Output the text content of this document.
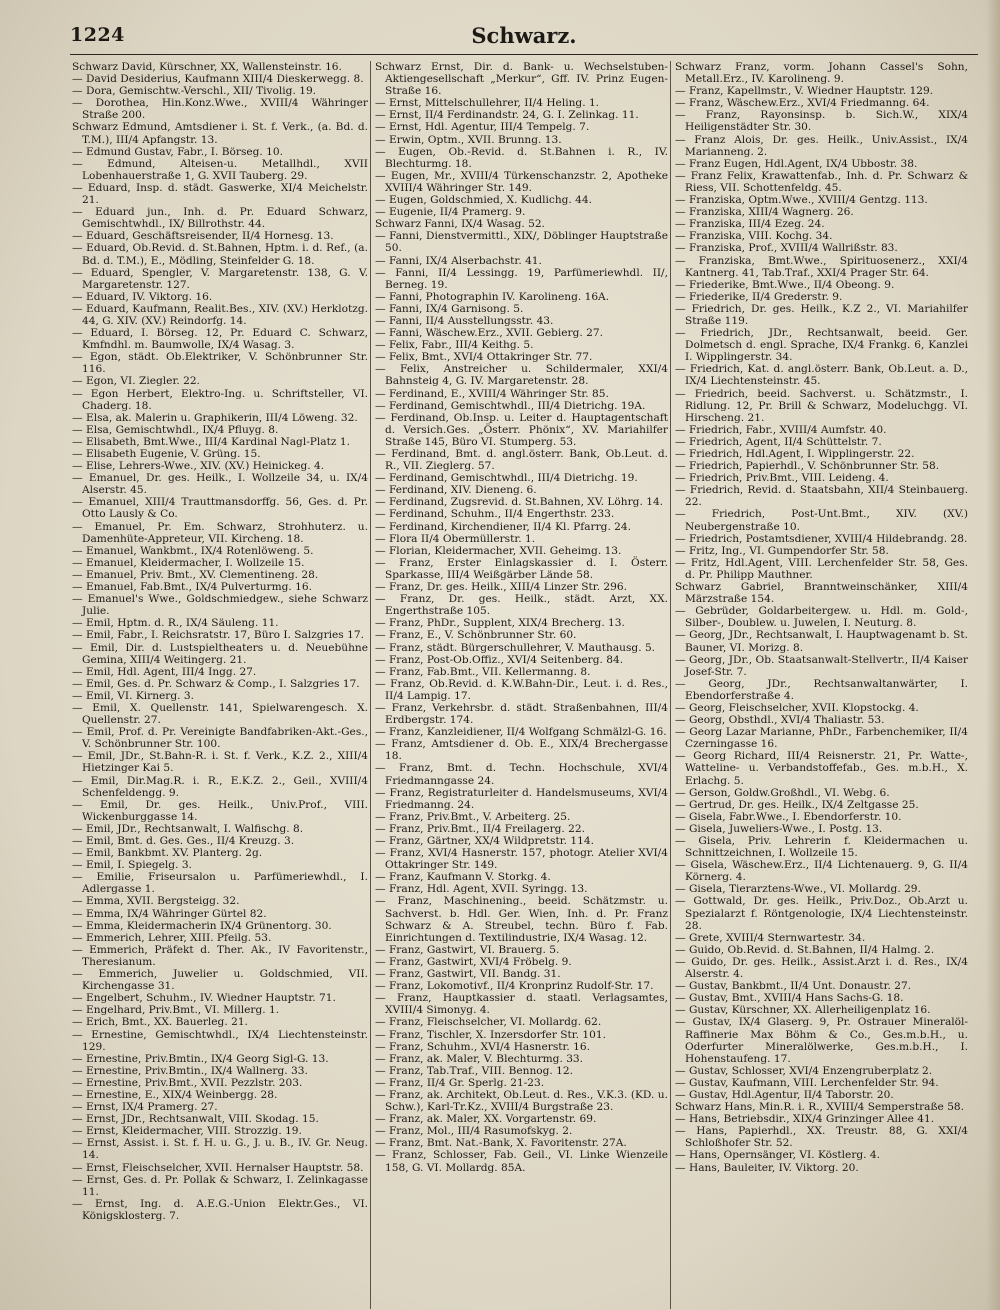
1224	Schwarz.

Schwarz David, Kürschner, XX, Wallensteinstr. 16.

— David Desiderius, Kaufmann XIII/4 Dieskerwegg. 8.

— Dora, Gemischtw.-Verschl., XII/ Tivolig. 19.

— Dorothea, Hin.Konz.Wwe., XVIII/4 Währinger Straße 200.

Schwarz Edmund, Amtsdiener i. St. f. Verk., (a. Bd. d. T.M.), III/4 Apfangstr. 13.

— Edmund Gustav, Fabr., I. Börseg. 10.

— Edmund, Alteisen-u. Metallhdl., XVII Lobenhauerstraße 1, G. XVII Tauberg. 29.

— Eduard, Insp. d. städt. Gaswerke, XI/4 Meichelstr. 21.

— Eduard jun., Inh. d. Pr. Eduard Schwarz, Gemischtwhdl., IX/ Billrothstr. 44.

— Eduard, Geschäftsreisender, II/4 Hornesg. 13.

— Eduard, Ob.Revid. d. St.Bahnen, Hptm. i. d. Ref., (a. Bd. d. T.M.), E., Mödling, Steinfelder G. 18.

— Eduard, Spengler, V. Margaretenstr. 138, G. V. Margaretenstr. 127.

— Eduard, IV. Viktorg. 16.

— Eduard, Kaufmann, Realit.Bes., XIV. (XV.) Herklotzg. 44, G. XIV. (XV.) Reindorfg. 14.

— Eduard, I. Börseg. 12, Pr. Eduard C. Schwarz, Kmfndhl. m. Baumwolle, IX/4 Wasag. 3.

— Egon, städt. Ob.Elektriker, V. Schönbrunner Str. 116.

— Egon, VI. Ziegler. 22.

— Egon Herbert, Elektro-Ing. u. Schriftsteller, VI. Chaderg. 18.

— Elsa, ak. Malerin u. Graphikerin, III/4 Löweng. 32.

— Elsa, Gemischtwhdl., IX/4 Pfluyg. 8.

— Elisabeth, Bmt.Wwe., III/4 Kardinal Nagl-Platz 1.

— Elisabeth Eugenie, V. Grüng. 15.

— Elise, Lehrers-Wwe., XIV. (XV.) Heinickeg. 4.

— Emanuel, Dr. ges. Heilk., I. Wollzeile 34, u. IX/4 Alserstr. 45.

— Emanuel, XIII/4 Trauttmansdorffg. 56, Ges. d. Pr. Otto Lausly & Co.

— Emanuel, Pr. Em. Schwarz, Strohhuterz. u. Damenhüte-Appreteur, VII. Kircheng. 18.

— Emanuel, Wankbmt., IX/4 Rotenlöweng. 5.

— Emanuel, Kleidermacher, I. Wollzeile 15.

— Emanuel, Priv. Bmt., XV. Clementineng. 28.

— Emanuel, Fab.Bmt., IX/4 Pulverturmg. 16.

— Emanuel's Wwe., Goldschmiedgew., siehe Schwarz Julie.

— Emil, Hptm. d. R., IX/4 Säuleng. 11.

— Emil, Fabr., I. Reichsratstr. 17, Büro I. Salzgries 17.

— Emil, Dir. d. Lustspieltheaters u. d. Neuebühne Gemina, XIII/4 Weitingerg. 21.

— Emil, Hdl. Agent, III/4 Ingg. 27.

— Emil, Ges. d. Pr. Schwarz & Comp., I. Salzgries 17.

— Emil, VI. Kirnerg. 3.

— Emil, X. Quellenstr. 141, Spielwarengesch. X. Quellenstr. 27.

— Emil, Prof. d. Pr. Vereinigte Bandfabriken-Akt.-Ges., V. Schönbrunner Str. 100.

— Emil, JDr., St.Bahn-R. i. St. f. Verk., K.Z. 2., XIII/4 Hietzinger Kai 5.

— Emil, Dir.Mag.R. i. R., E.K.Z. 2., Geil., XVIII/4 Schenfeldengg. 9.

— Emil, Dr. ges. Heilk., Univ.Prof., VIII. Wickenburggasse 14.

— Emil, JDr., Rechtsanwalt, I. Walfischg. 8.

— Emil, Bmt. d. Ges. Ges., II/4 Kreuzg. 3.

— Emil, Bankbmt. XV. Planterg. 2g.

— Emil, I. Spiegelg. 3.

— Emilie, Friseursalon u. Parfümeriewhdl., I. Adlergasse 1.

— Emma, XVII. Bergsteigg. 32.

— Emma, IX/4 Währinger Gürtel 82.

— Emma, Kleidermacherin IX/4 Grünentorg. 30.

— Emmerich, Lehrer, XIII. Pfeilg. 53.

— Emmerich, Präfekt d. Ther. Ak., IV Favoritenstr., Theresianum.

— Emmerich, Juwelier u. Goldschmied, VII. Kirchengasse 31.

— Engelbert, Schuhm., IV. Wiedner Hauptstr. 71.

— Engelhard, Priv.Bmt., VI. Millerg. 1.

— Erich, Bmt., XX. Bauerleg. 21.

— Ernestine, Gemischtwhdl., IX/4 Liechtensteinstr. 129.

— Ernestine, Priv.Bmtin., IX/4 Georg Sigl-G. 13.

— Ernestine, Priv.Bmtin., IX/4 Wallnerg. 33.

— Ernestine, Priv.Bmt., XVII. Pezzlstr. 203.

— Ernestine, E., XIX/4 Weinbergg. 28.

— Ernst, IX/4 Pramerg. 27.

— Ernst, JDr., Rechtsanwalt, VIII. Skodag. 15.

— Ernst, Kleidermacher, VIII. Strozzig. 19.

— Ernst, Assist. i. St. f. H. u. G., J. u. B., IV. Gr. Neug. 14.

— Ernst, Fleischselcher, XVII. Hernalser Hauptstr. 58.

— Ernst, Ges. d. Pr. Pollak & Schwarz, I. Zelinkagasse 11.

— Ernst, Ing. d. A.E.G.-Union Elektr.Ges., VI. Königsklosterg. 7.

Schwarz Ernst, Dir. d. Bank- u. Wechselstuben-Aktiengesellschaft „Merkur“, Gff. IV. Prinz Eugen-Straße 16.

— Ernst, Mittelschullehrer, II/4 Heling. 1.

— Ernst, II/4 Ferdinandstr. 24, G. I. Zelinkag. 11.

— Ernst, Hdl. Agentur, III/4 Tempelg. 7.

— Erwin, Optm., XVII. Brunng. 13.

— Eugen, Ob.-Revid. d. St.Bahnen i. R., IV. Blechturmg. 18.

— Eugen, Mr., XVIII/4 Türkenschanzstr. 2, Apotheke XVIII/4 Währinger Str. 149.

— Eugen, Goldschmied, X. Kudlichg. 44.

— Eugenie, II/4 Pramerg. 9.

Schwarz Fanni, IX/4 Wasag. 52.

— Fanni, Dienstvermittl., XIX/, Döblinger Hauptstraße 50.

— Fanni, IX/4 Alserbachstr. 41.

— Fanni, II/4 Lessingg. 19, Parfümeriewhdl. II/, Berneg. 19.

— Fanni, Photographin IV. Karolineng. 16A.

— Fanni, IX/4 Garnisong. 5.

— Fanni, II/4 Ausstellungsstr. 43.

— Fanni, Wäschew.Erz., XVII. Gebierg. 27.

— Felix, Fabr., III/4 Keithg. 5.

— Felix, Bmt., XVI/4 Ottakringer Str. 77.

— Felix, Anstreicher u. Schildermaler, XXI/4 Bahnsteig 4, G. IV. Margaretenstr. 28.

— Ferdinand, E., XVIII/4 Währinger Str. 85.

— Ferdinand, Gemischtwhdl., III/4 Dietrichg. 19A.

— Ferdinand, Ob.Insp. u. Leiter d. Hauptagentschaft d. Versich.Ges. „Österr. Phönix“, XV. Mariahilfer Straße 145, Büro VI. Stumperg. 53.

— Ferdinand, Bmt. d. angl.österr. Bank, Ob.Leut. d. R., VII. Zieglerg. 57.

— Ferdinand, Gemischtwhdl., III/4 Dietrichg. 19.

— Ferdinand, XIV. Dieneng. 6.

— Ferdinand, Zugsrevid. d. St.Bahnen, XV. Löhrg. 14.

— Ferdinand, Schuhm., II/4 Engerthstr. 233.

— Ferdinand, Kirchendiener, II/4 Kl. Pfarrg. 24.

— Flora II/4 Obermüllerstr. 1.

— Florian, Kleidermacher, XVII. Geheimg. 13.

— Franz, Erster Einlagskassier d. I. Österr. Sparkasse, III/4 Weißgärber Lände 58.

— Franz, Dr. ges. Heilk., XIII/4 Linzer Str. 296.

— Franz, Dr. ges. Heilk., städt. Arzt, XX. Engerthstraße 105.

— Franz, PhDr., Supplent, XIX/4 Brecherg. 13.

— Franz, E., V. Schönbrunner Str. 60.

— Franz, städt. Bürgerschullehrer, V. Mauthausg. 5.

— Franz, Post-Ob.Offiz., XVI/4 Seitenberg. 84.

— Franz, Fab.Bmt., VII. Kellermanng. 8.

— Franz, Ob.Revid. d. K.W.Bahn-Dir., Leut. i. d. Res., II/4 Lampig. 17.

— Franz, Verkehrsbr. d. städt. Straßenbahnen, III/4 Erdbergstr. 174.

— Franz, Kanzleidiener, II/4 Wolfgang Schmälzl-G. 16.

— Franz, Amtsdiener d. Ob. E., XIX/4 Brechergasse 18.

— Franz, Bmt. d. Techn. Hochschule, XVI/4 Friedmanngasse 24.

— Franz, Registraturleiter d. Handelsmuseums, XVI/4 Friedmanng. 24.

— Franz, Priv.Bmt., V. Arbeiterg. 25.

— Franz, Priv.Bmt., II/4 Freilagerg. 22.

— Franz, Gärtner, XX/4 Wildpretstr. 114.

— Franz, XVI/4 Hasnerstr. 157, photogr. Atelier XVI/4 Ottakringer Str. 149.

— Franz, Kaufmann V. Storkg. 4.

— Franz, Hdl. Agent, XVII. Syringg. 13.

— Franz, Maschinening., beeid. Schätzmstr. u. Sachverst. b. Hdl. Ger. Wien, Inh. d. Pr. Franz Schwarz & A. Streubel, techn. Büro f. Fab. Einrichtungen d. Textilindustrie, IX/4 Wasag. 12.

— Franz, Gastwirt, VI. Brauerg. 5.

— Franz, Gastwirt, XVI/4 Fröbelg. 9.

— Franz, Gastwirt, VII. Bandg. 31.

— Franz, Lokomotivf., II/4 Kronprinz Rudolf-Str. 17.

— Franz, Hauptkassier d. staatl. Verlagsamtes, XVIII/4 Simonyg. 4.

— Franz, Fleischselcher, VI. Mollardg. 62.

— Franz, Tischler, X. Inzersdorfer Str. 101.

— Franz, Schuhm., XVI/4 Hasnerstr. 16.

— Franz, ak. Maler, V. Blechturmg. 33.

— Franz, Tab.Traf., VIII. Bennog. 12.

— Franz, II/4 Gr. Sperlg. 21-23.

— Franz, ak. Architekt, Ob.Leut. d. Res., V.K.3. (KD. u. Schw.), Karl-Tr.Kz., XVIII/4 Burgstraße 23.

— Franz, ak. Maler, XX. Vorgartenstr. 69.

— Franz, Mol., III/4 Rasumofskyg. 2.

— Franz, Bmt. Nat.-Bank, X. Favoritenstr. 27A.

— Franz, Schlosser, Fab. Geil., VI. Linke Wienzeile 158, G. VI. Mollardg. 85A.

Schwarz Franz, vorm. Johann Cassel's Sohn, Metall.Erz., IV. Karolineng. 9.

— Franz, Kapellmstr., V. Wiedner Hauptstr. 129.

— Franz, Wäschew.Erz., XVI/4 Friedmanng. 64.

— Franz, Rayonsinsp. b. Sich.W., XIX/4 Heiligenstädter Str. 30.

— Franz Alois, Dr. ges. Heilk., Univ.Assist., IX/4 Marianneng. 2.

— Franz Eugen, Hdl.Agent, IX/4 Ubbostr. 38.

— Franz Felix, Krawattenfab., Inh. d. Pr. Schwarz & Riess, VII. Schottenfeldg. 45.

— Franziska, Optm.Wwe., XVIII/4 Gentzg. 113.

— Franziska, XIII/4 Wagnerg. 26.

— Franziska, III/4 Ezeg. 24.

— Franziska, VIII. Kochg. 34.

— Franziska, Prof., XVIII/4 Wallrißstr. 83.

— Franziska, Bmt.Wwe., Spirituosenerz., XXI/4 Kantnerg. 41, Tab.Traf., XXI/4 Prager Str. 64.

— Friederike, Bmt.Wwe., II/4 Obeong. 9.

— Friederike, II/4 Grederstr. 9.

— Friedrich, Dr. ges. Heilk., K.Z 2., VI. Mariahilfer Straße 119.

— Friedrich, JDr., Rechtsanwalt, beeid. Ger. Dolmetsch d. engl. Sprache, IX/4 Frankg. 6, Kanzlei I. Wipplingerstr. 34.

— Friedrich, Kat. d. angl.österr. Bank, Ob.Leut. a. D., IX/4 Liechtensteinstr. 45.

— Friedrich, beeid. Sachverst. u. Schätzmstr., I. Ridlung. 12, Pr. Brill & Schwarz, Modeluchgg. VI. Hirscheng. 21.

— Friedrich, Fabr., XVIII/4 Aumfstr. 40.

— Friedrich, Agent, II/4 Schüttelstr. 7.

— Friedrich, Hdl.Agent, I. Wipplingerstr. 22.

— Friedrich, Papierhdl., V. Schönbrunner Str. 58.

— Friedrich, Priv.Bmt., VIII. Leideng. 4.

— Friedrich, Revid. d. Staatsbahn, XII/4 Steinbauerg. 22.

— Friedrich, Post-Unt.Bmt., XIV. (XV.) Neubergenstraße 10.

— Friedrich, Postamtsdiener, XVIII/4 Hildebrandg. 28.

— Fritz, Ing., VI. Gumpendorfer Str. 58.

— Fritz, Hdl.Agent, VIII. Lerchenfelder Str. 58, Ges. d. Pr. Philipp Mauthner.

Schwarz Gabriel, Branntweinschänker, XIII/4 Märzstraße 154.

— Gebrüder, Goldarbeitergew. u. Hdl. m. Gold-, Silber-, Doublew. u. Juwelen, I. Neuturg. 8.

— Georg, JDr., Rechtsanwalt, I. Hauptwagenamt b. St. Bauner, VI. Morizg. 8.

— Georg, JDr., Ob. Staatsanwalt-Stellvertr., II/4 Kaiser Josef-Str. 7.

— Georg, JDr., Rechtsanwaltanwärter, I. Ebendorferstraße 4.

— Georg, Fleischselcher, XVII. Klopstockg. 4.

— Georg, Obsthdl., XVI/4 Thaliastr. 53.

— Georg Lazar Marianne, PhDr., Farbenchemiker, II/4 Czerningasse 16.

— Georg Richard, III/4 Reisnerstr. 21, Pr. Watte-, Watteline- u. Verbandstoffefab., Ges. m.b.H., X. Erlachg. 5.

— Gerson, Goldw.Großhdl., VI. Webg. 6.

— Gertrud, Dr. ges. Heilk., IX/4 Zeltgasse 25.

— Gisela, Fabr.Wwe., I. Ebendorferstr. 10.

— Gisela, Juweliers-Wwe., I. Postg. 13.

— Gisela, Priv. Lehrerin f. Kleidermachen u. Schnittzeichnen, I. Wollzeile 15.

— Gisela, Wäschew.Erz., II/4 Lichtenauerg. 9, G. II/4 Körnerg. 4.

— Gisela, Tierarztens-Wwe., VI. Mollardg. 29.

— Gottwald, Dr. ges. Heilk., Priv.Doz., Ob.Arzt u. Spezialarzt f. Röntgenologie, IX/4 Liechtensteinstr. 28.

— Grete, XVIII/4 Sternwartestr. 34.

— Guido, Ob.Revid. d. St.Bahnen, II/4 Halmg. 2.

— Guido, Dr. ges. Heilk., Assist.Arzt i. d. Res., IX/4 Alserstr. 4.

— Gustav, Bankbmt., II/4 Unt. Donaustr. 27.

— Gustav, Bmt., XVIII/4 Hans Sachs-G. 18.

— Gustav, Kürschner, XX. Allerheiligenplatz 16.

— Gustav, IX/4 Glaserg. 9, Pr. Ostrauer Mineralöl-Raffinerie Max Böhm & Co., Ges.m.b.H., u. Oderfurter Mineralölwerke, Ges.m.b.H., I. Hohenstaufeng. 17.

— Gustav, Schlosser, XVI/4 Enzengruberplatz 2.

— Gustav, Kaufmann, VIII. Lerchenfelder Str. 94.

— Gustav, Hdl.Agentur, II/4 Taborstr. 20.

Schwarz Hans, Min.R. i. R., XVIII/4 Semperstraße 58.

— Hans, Betriebsdir., XIX/4 Grinzinger Allee 41.

— Hans, Papierhdl., XX. Treustr. 88, G. XXI/4 Schloßhofer Str. 52.

— Hans, Opernsänger, VI. Köstlerg. 4.

— Hans, Bauleiter, IV. Viktorg. 20.
